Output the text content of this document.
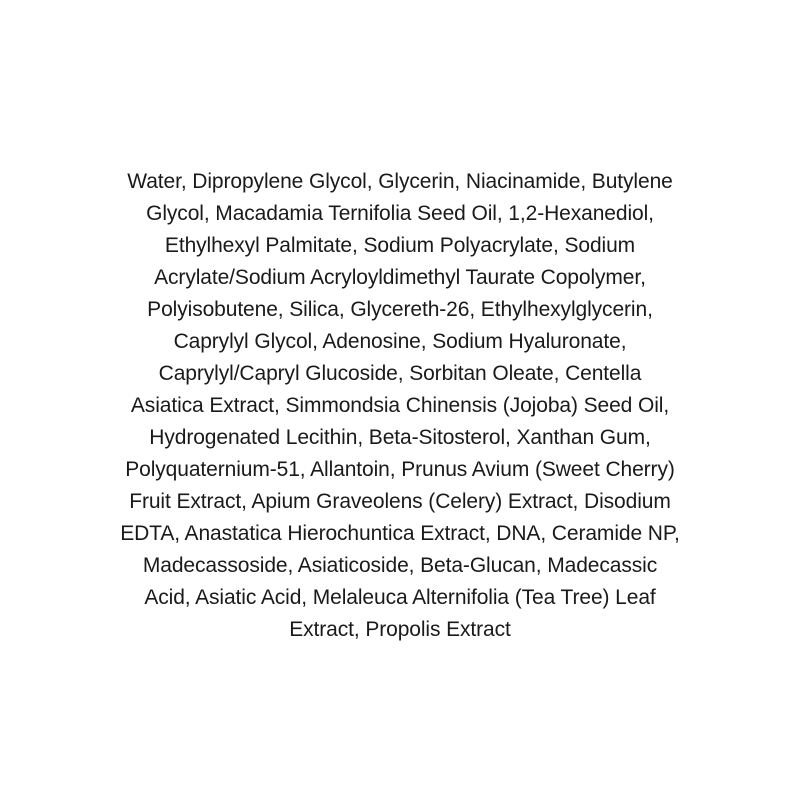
Water, Dipropylene Glycol, Glycerin, Niacinamide, Butylene
Glycol, Macadamia Ternifolia Seed Oil, 1,2-Hexanediol,
Ethylhexyl Palmitate, Sodium Polyacrylate, Sodium
Acrylate/Sodium Acryloyldimethyl Taurate Copolymer,
Polyisobutene, Silica, Glycereth-26, Ethylhexylglycerin,
Caprylyl Glycol, Adenosine, Sodium Hyaluronate,
Caprylyl/Capryl Glucoside, Sorbitan Oleate, Centella
Asiatica Extract, Simmondsia Chinensis (Jojoba) Seed Oil,
Hydrogenated Lecithin, Beta-Sitosterol, Xanthan Gum,
Polyquaternium-51, Allantoin, Prunus Avium (Sweet Cherry)
Fruit Extract, Apium Graveolens (Celery) Extract, Disodium
EDTA, Anastatica Hierochuntica Extract, DNA, Ceramide NP,
Madecassoside, Asiaticoside, Beta-Glucan, Madecassic
Acid, Asiatic Acid, Melaleuca Alternifolia (Tea Tree) Leaf
Extract, Propolis Extract
